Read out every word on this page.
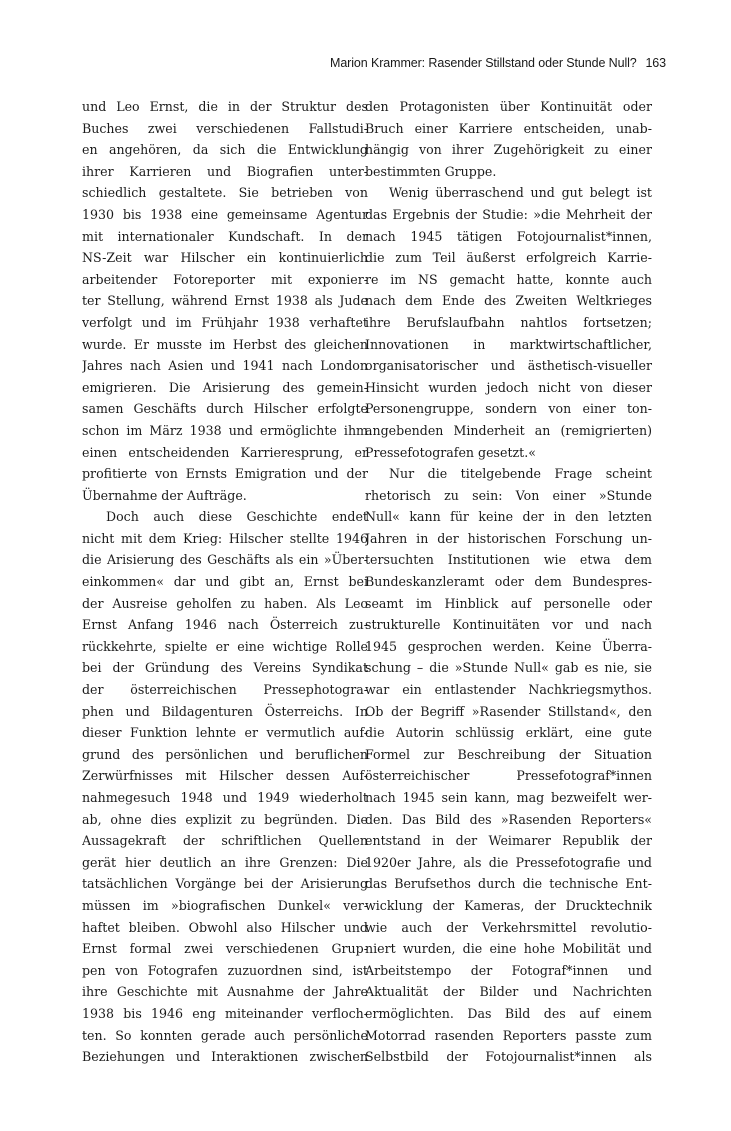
Marion Krammer: Rasender Stillstand oder Stunde Null? 163

und Leo Ernst, die in der Struktur des
Buches zwei verschiedenen Fallstudi-
en angehören, da sich die Entwicklung
ihrer Karrieren und Biografien unter-
schiedlich gestaltete. Sie betrieben von
1930 bis 1938 eine gemeinsame Agentur
mit internationaler Kundschaft. In der
NS-Zeit war Hilscher ein kontinuierlich
arbeitender Fotoreporter mit exponier-
ter Stellung, während Ernst 1938 als Jude
verfolgt und im Frühjahr 1938 verhaftet
wurde. Er musste im Herbst des gleichen
Jahres nach Asien und 1941 nach London
emigrieren. Die Arisierung des gemein-
samen Geschäfts durch Hilscher erfolgte
schon im März 1938 und ermöglichte ihm
einen entscheidenden Karrieresprung, er
profitierte von Ernsts Emigration und der
Übernahme der Aufträge.

Doch auch diese Geschichte endet
nicht mit dem Krieg: Hilscher stellte 1946
die Arisierung des Geschäfts als ein »Über-
einkommen« dar und gibt an, Ernst bei
der Ausreise geholfen zu haben. Als Leo
Ernst Anfang 1946 nach Österreich zu-
rückkehrte, spielte er eine wichtige Rolle
bei der Gründung des Vereins Syndikat
der österreichischen Pressephotogra-
phen und Bildagenturen Österreichs. In
dieser Funktion lehnte er vermutlich auf-
grund des persönlichen und beruflichen
Zerwürfnisses mit Hilscher dessen Auf-
nahmegesuch 1948 und 1949 wiederholt
ab, ohne dies explizit zu begründen. Die
Aussagekraft der schriftlichen Quellen
gerät hier deutlich an ihre Grenzen: Die
tatsächlichen Vorgänge bei der Arisierung
müssen im »biografischen Dunkel« ver-
haftet bleiben. Obwohl also Hilscher und
Ernst formal zwei verschiedenen Grup-
pen von Fotografen zuzuordnen sind, ist
ihre Geschichte mit Ausnahme der Jahre
1938 bis 1946 eng miteinander verfloch-
ten. So konnten gerade auch persönliche
Beziehungen und Interaktionen zwischen

den Protagonisten über Kontinuität oder
Bruch einer Karriere entscheiden, unab-
hängig von ihrer Zugehörigkeit zu einer
bestimmten Gruppe.

Wenig überraschend und gut belegt ist
das Ergebnis der Studie: »die Mehrheit der
nach 1945 tätigen Fotojournalist*innen,
die zum Teil äußerst erfolgreich Karrie-
re im NS gemacht hatte, konnte auch
nach dem Ende des Zweiten Weltkrieges
ihre Berufslaufbahn nahtlos fortsetzen;
Innovationen in marktwirtschaftlicher,
organisatorischer und ästhetisch-visueller
Hinsicht wurden jedoch nicht von dieser
Personengruppe, sondern von einer ton-
angebenden Minderheit an (remigrierten)
Pressefotografen gesetzt.«

Nur die titelgebende Frage scheint
rhetorisch zu sein: Von einer »Stunde
Null« kann für keine der in den letzten
Jahren in der historischen Forschung un-
tersuchten Institutionen wie etwa dem
Bundeskanzleramt oder dem Bundespres-
seamt im Hinblick auf personelle oder
strukturelle Kontinuitäten vor und nach
1945 gesprochen werden. Keine Überra-
schung – die »Stunde Null« gab es nie, sie
war ein entlastender Nachkriegsmythos.
Ob der Begriff »Rasender Stillstand«, den
die Autorin schlüssig erklärt, eine gute
Formel zur Beschreibung der Situation
österreichischer Pressefotograf*innen
nach 1945 sein kann, mag bezweifelt wer-
den. Das Bild des »Rasenden Reporters«
entstand in der Weimarer Republik der
1920er Jahre, als die Pressefotografie und
das Berufsethos durch die technische Ent-
wicklung der Kameras, der Drucktechnik
wie auch der Verkehrsmittel revolutio-
niert wurden, die eine hohe Mobilität und
Arbeitstempo der Fotograf*innen und
Aktualität der Bilder und Nachrichten
ermöglichten. Das Bild des auf einem
Motorrad rasenden Reporters passte zum
Selbstbild der Fotojournalist*innen als
